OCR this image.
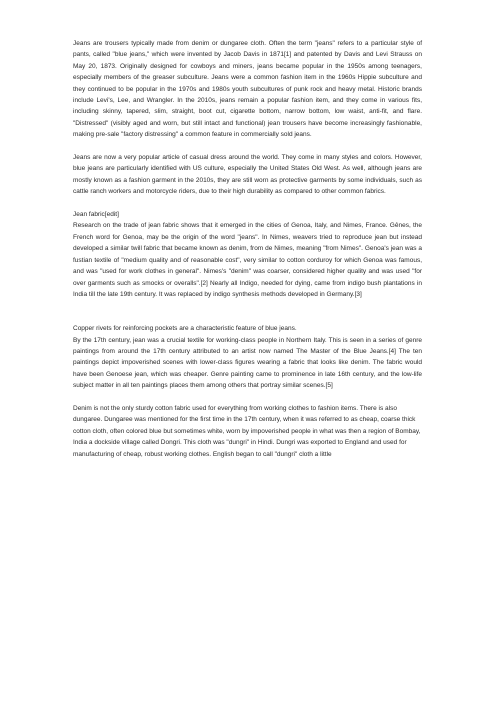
Jeans are trousers typically made from denim or dungaree cloth. Often the term "jeans" refers to a particular style of pants, called "blue jeans," which were invented by Jacob Davis in 1871[1] and patented by Davis and Levi Strauss on May 20, 1873. Originally designed for cowboys and miners, jeans became popular in the 1950s among teenagers, especially members of the greaser subculture. Jeans were a common fashion item in the 1960s Hippie subculture and they continued to be popular in the 1970s and 1980s youth subcultures of punk rock and heavy metal. Historic brands include Levi's, Lee, and Wrangler. In the 2010s, jeans remain a popular fashion item, and they come in various fits, including skinny, tapered, slim, straight, boot cut, cigarette bottom, narrow bottom, low waist, anti-fit, and flare. "Distressed" (visibly aged and worn, but still intact and functional) jean trousers have become increasingly fashionable, making pre-sale "factory distressing" a common feature in commercially sold jeans.

Jeans are now a very popular article of casual dress around the world. They come in many styles and colors. However, blue jeans are particularly identified with US culture, especially the United States Old West. As well, although jeans are mostly known as a fashion garment in the 2010s, they are still worn as protective garments by some individuals, such as cattle ranch workers and motorcycle riders, due to their high durability as compared to other common fabrics.

Jean fabric[edit]

Research on the trade of jean fabric shows that it emerged in the cities of Genoa, Italy, and Nimes, France. Gênes, the French word for Genoa, may be the origin of the word "jeans". In Nimes, weavers tried to reproduce jean but instead developed a similar twill fabric that became known as denim, from de Nimes, meaning "from Nimes". Genoa's jean was a fustian textile of "medium quality and of reasonable cost", very similar to cotton corduroy for which Genoa was famous, and was "used for work clothes in general". Nimes's "denim" was coarser, considered higher quality and was used "for over garments such as smocks or overalls".[2] Nearly all Indigo, needed for dying, came from indigo bush plantations in India till the late 19th century. It was replaced by indigo synthesis methods developed in Germany.[3]

Copper rivets for reinforcing pockets are a characteristic feature of blue jeans.

By the 17th century, jean was a crucial textile for working-class people in Northern Italy. This is seen in a series of genre paintings from around the 17th century attributed to an artist now named The Master of the Blue Jeans.[4] The ten paintings depict impoverished scenes with lower-class figures wearing a fabric that looks like denim. The fabric would have been Genoese jean, which was cheaper. Genre painting came to prominence in late 16th century, and the low-life subject matter in all ten paintings places them among others that portray similar scenes.[5]

Denim is not the only sturdy cotton fabric used for everything from working clothes to fashion items. There is also dungaree. Dungaree was mentioned for the first time in the 17th century, when it was referred to as cheap, coarse thick cotton cloth, often colored blue but sometimes white, worn by impoverished people in what was then a region of Bombay, India a dockside village called Dongri. This cloth was "dungri" in Hindi. Dungri was exported to England and used for manufacturing of cheap, robust working clothes. English began to call "dungri" cloth a little
